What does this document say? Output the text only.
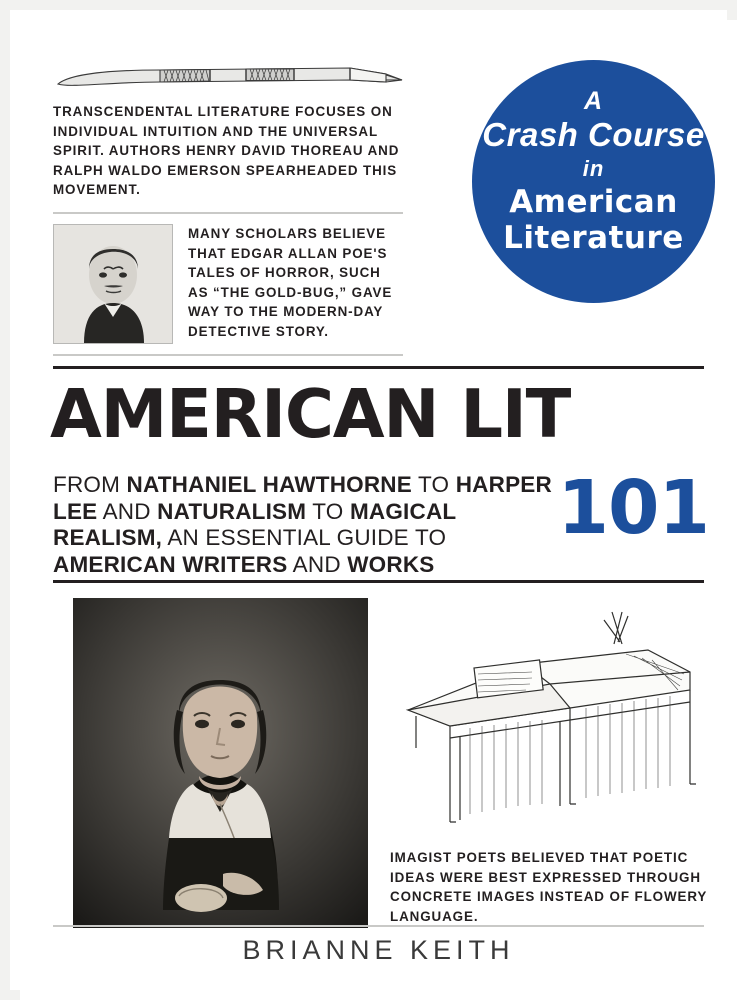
TRANSCENDENTAL LITERATURE FOCUSES ON INDIVIDUAL INTUITION AND THE UNIVERSAL SPIRIT. AUTHORS HENRY DAVID THOREAU AND RALPH WALDO EMERSON SPEARHEADED THIS MOVEMENT.
MANY SCHOLARS BELIEVE THAT EDGAR ALLAN POE'S TALES OF HORROR, SUCH AS “THE GOLD-BUG,” GAVE WAY TO THE MODERN-DAY DETECTIVE STORY.
A
Crash Course
in
American
Literature
AMERICAN LIT
FROM NATHANIEL HAWTHORNE TO HARPER LEE AND NATURALISM TO MAGICAL REALISM, AN ESSENTIAL GUIDE TO AMERICAN WRITERS AND WORKS
101
IMAGIST POETS BELIEVED THAT POETIC IDEAS WERE BEST EXPRESSED THROUGH CONCRETE IMAGES INSTEAD OF FLOWERY LANGUAGE.
BRIANNE KEITH
